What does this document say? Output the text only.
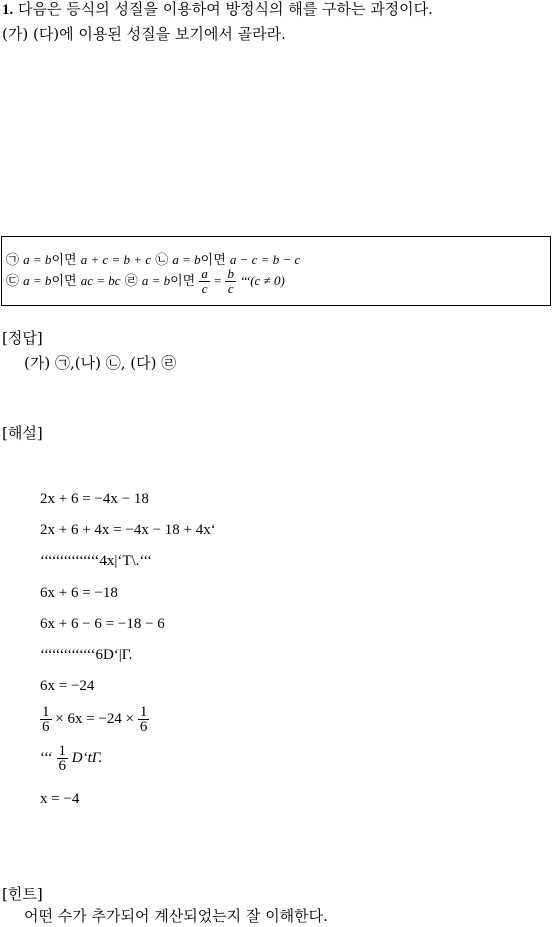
1. 다음은 등식의 성질을 이용하여 방정식의 해를 구하는 과정이다.
(가) (다)에 이용된 성질을 보기에서 골라라.
㉠ a = b이면 a + c = b + c ㉡ a = b이면 a − c = b − c
㉢ a = b이면 ac = bc ㉣ a = b이면 $\frac{a}{c} = \frac{b}{c}$ ‘‘‘(c ≠ 0)
[정답]
(가) ㉠,(나) ㉡, (다) ㉣
[해설]
2x + 6 = −4x − 18
2x + 6 + 4x = −4x − 18 + 4x‘
‘‘‘‘‘‘‘‘‘‘‘‘‘‘‘4x|‘T\.‘‘‘
6x + 6 = −18
6x + 6 − 6 = −18 − 6
‘‘‘‘‘‘‘‘‘‘‘‘‘‘6D‘|Γ.
6x = −24
$\frac{1}{6} \times 6x = -24 \times \frac{1}{6}$
‘‘‘ $\frac{1}{6}$ D‘tΓ.
x = −4
[힌트]
어떤 수가 추가되어 계산되었는지 잘 이해한다.
